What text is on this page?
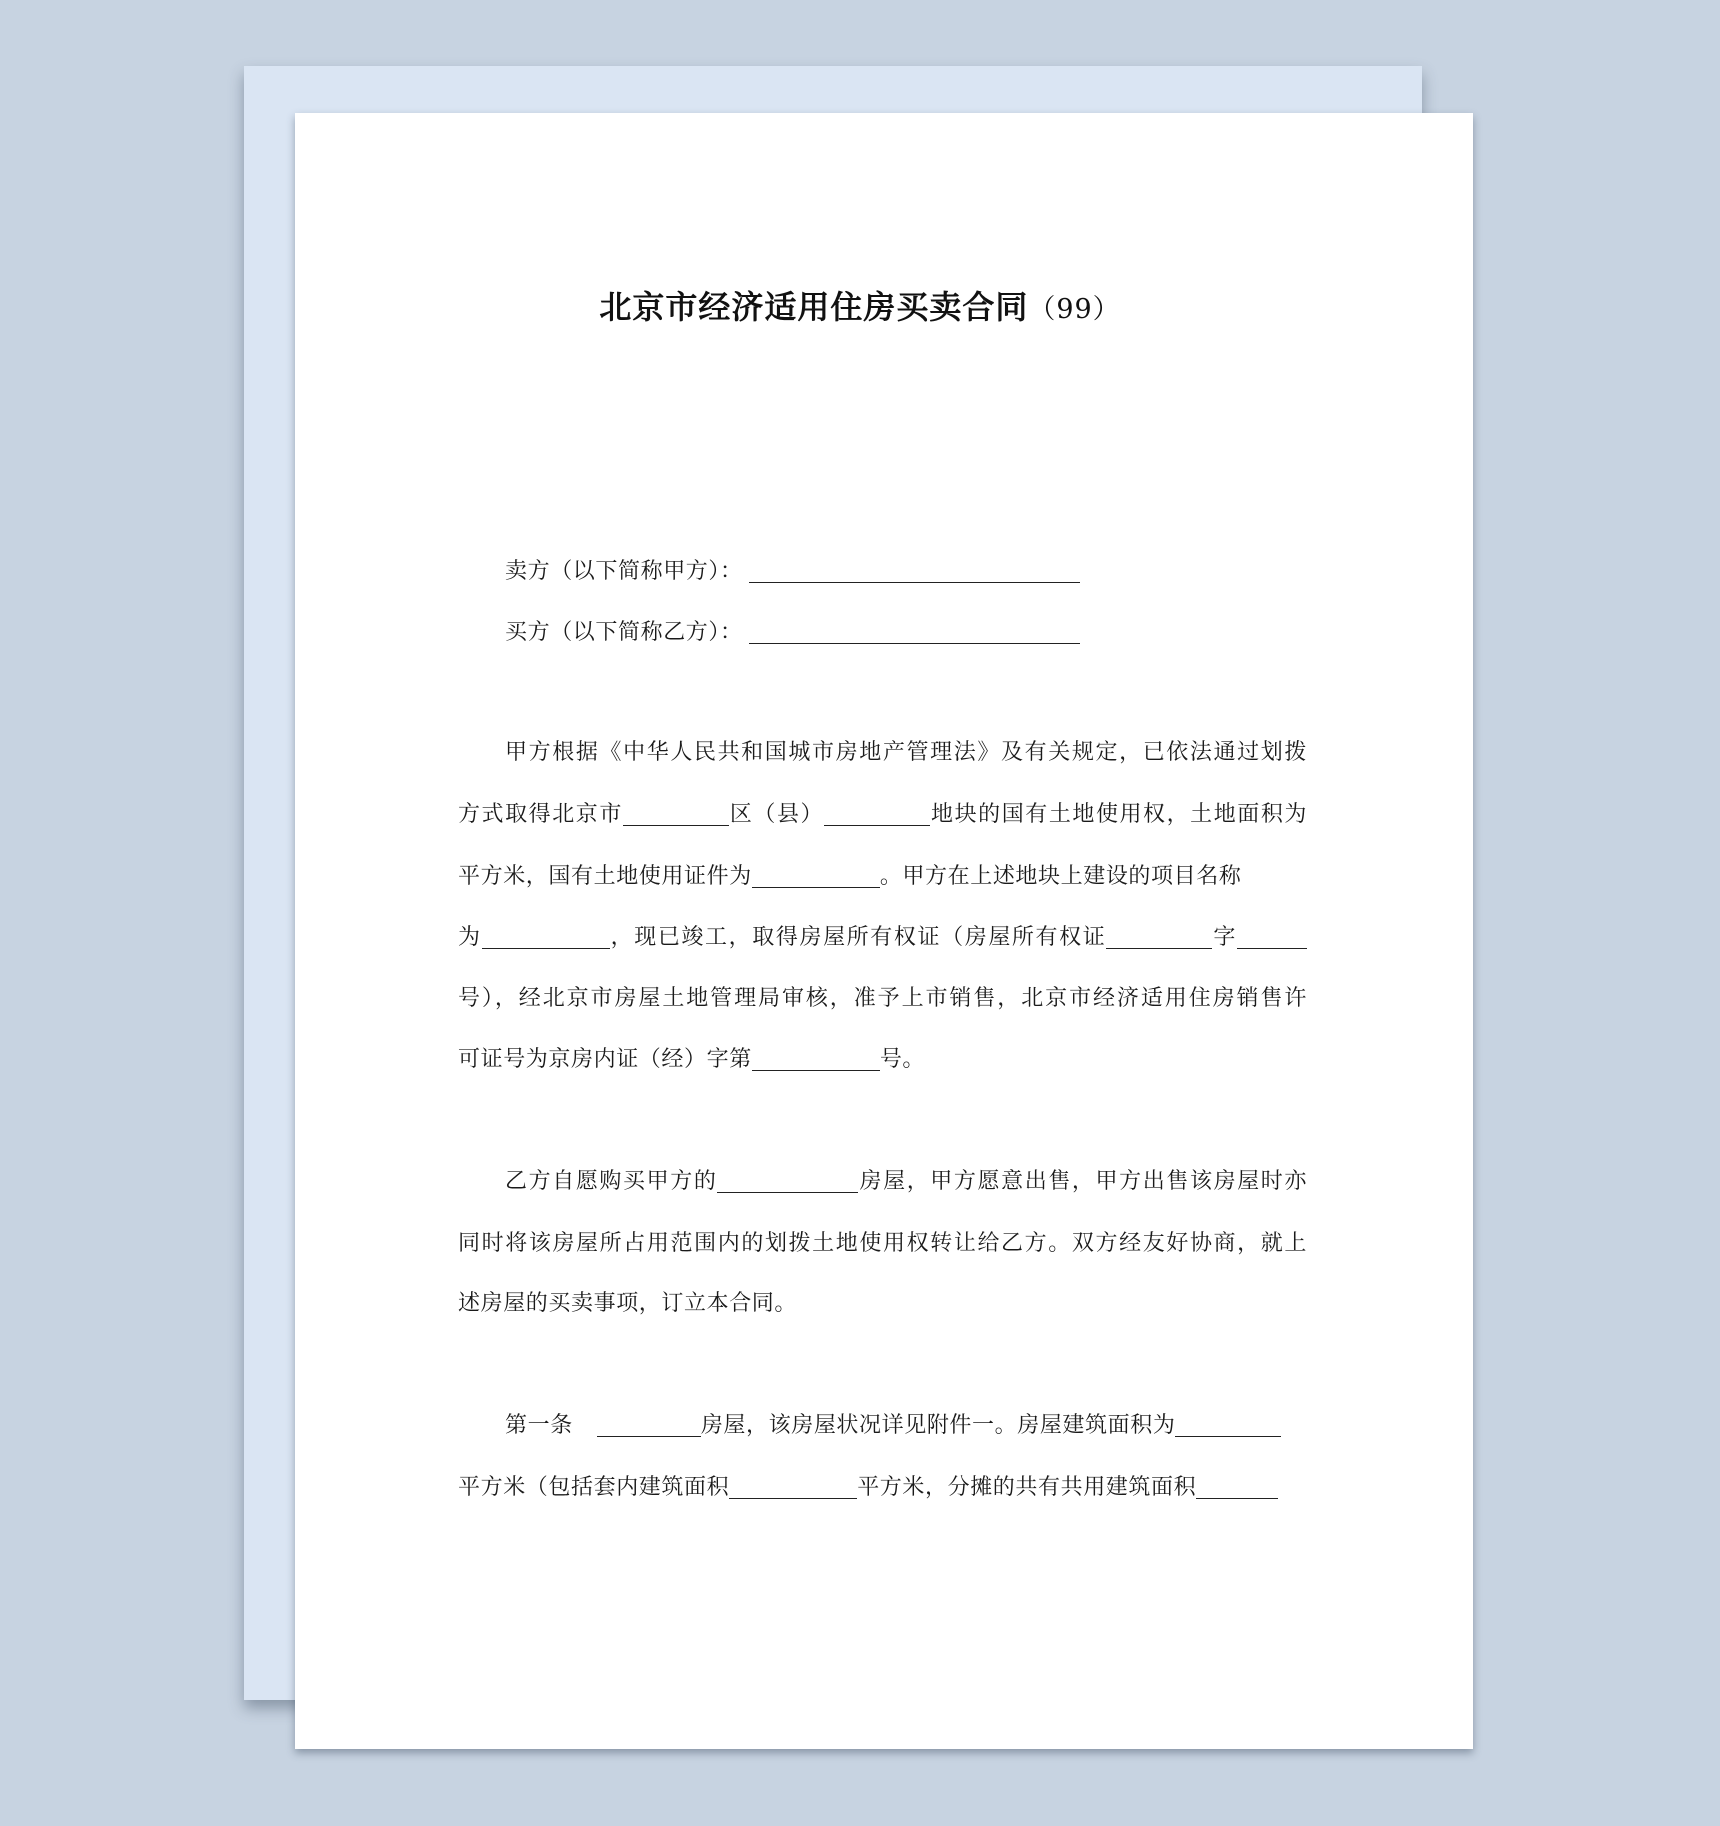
北京市经济适用住房买卖合同（99）
卖方（以下简称甲方）：
买方（以下简称乙方）：
甲方根据《中华人民共和国城市房地产管理法》及有关规定，已依法通过划拨
方式取得北京市	区（县）	地块的国有土地使用权，土地面积为
平方米，国有土地使用证件为	。甲方在上述地块上建设的项目名称
为	，现已竣工，取得房屋所有权证（房屋所有权证	字
号），经北京市房屋土地管理局审核，准予上市销售，北京市经济适用住房销售许
可证号为京房内证（经）字第	号。
乙方自愿购买甲方的	房屋，甲方愿意出售，甲方出售该房屋时亦
同时将该房屋所占用范围内的划拨土地使用权转让给乙方。双方经友好协商，就上
述房屋的买卖事项，订立本合同。
第一条	房屋，该房屋状况详见附件一。房屋建筑面积为
平方米（包括套内建筑面积	平方米，分摊的共有共用建筑面积
